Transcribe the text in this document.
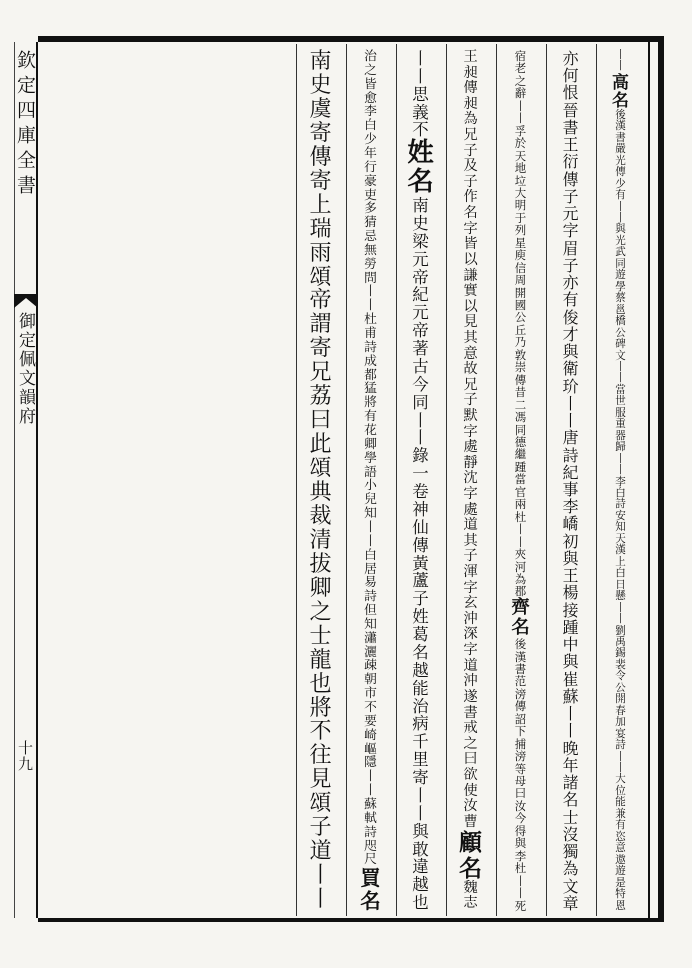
欽定四庫全書
御定佩文韻府
十九
丨
丨
高
名
後
漢
書
嚴
光
傳
少
有
丨
丨
與
光
武
同
遊
學
蔡
邕
橋
公
碑
文
丨
丨
當
世
服
重
器
歸
丨
丨
李
白
詩
安
知
天
漢
上
白
日
懸
丨
丨
劉
禹
錫
裴
令
公
開
春
加
宴
詩
丨
丨
大
位
能
兼
有
恣
意
遨
遊
是
特
恩
亦
何
恨
晉
書
王
衍
傳
子
元
字
眉
子
亦
有
俊
才
與
衛
玠
丨
丨
唐
詩
紀
事
李
嶠
初
與
王
楊
接
踵
中
與
崔
蘇
丨
丨
晚
年
諸
名
士
沒
獨
為
文
章
宿
老
之
辭
丨
丨
孚
於
天
地
垃
大
明
于
列
星
庾
信
周
開
國
公
丘
乃
敦
崇
傳
昔
二
馮
同
德
繼
踵
當
官
兩
杜
丨
丨
夾
河
為
郡
齊
名
後
漢
書
范
滂
傳
詔
下
捕
滂
等
母
曰
汝
今
得
與
李
杜
丨
丨
死
王
昶
傳
昶
為
兄
子
及
子
作
名
字
皆
以
謙
實
以
見
其
意
故
兄
子
默
字
處
靜
沈
字
處
道
其
子
渾
字
玄
沖
深
字
道
沖
遂
書
戒
之
曰
欲
使
汝
曹
顧
名
魏
志
丨
丨
思
義
不
姓
名
南
史
梁
元
帝
紀
元
帝
著
古
今
同
丨
丨
錄
一
卷
神
仙
傳
黃
蘆
子
姓
葛
名
越
能
治
病
千
里
寄
丨
丨
與
敢
違
越
也
治
之
皆
愈
李
白
少
年
行
豪
吏
多
猜
忌
無
勞
問
丨
丨
杜
甫
詩
成
都
猛
將
有
花
卿
學
語
小
兒
知
丨
丨
白
居
易
詩
但
知
瀟
灑
疎
朝
市
不
要
崎
嶇
隱
丨
丨
蘇
軾
詩
咫
尺
買
名
南
史
虞
寄
傳
寄
上
瑞
雨
頌
帝
謂
寄
兄
荔
曰
此
頌
典
裁
清
拔
卿
之
士
龍
也
將
不
往
見
頌
子
道
丨
丨
